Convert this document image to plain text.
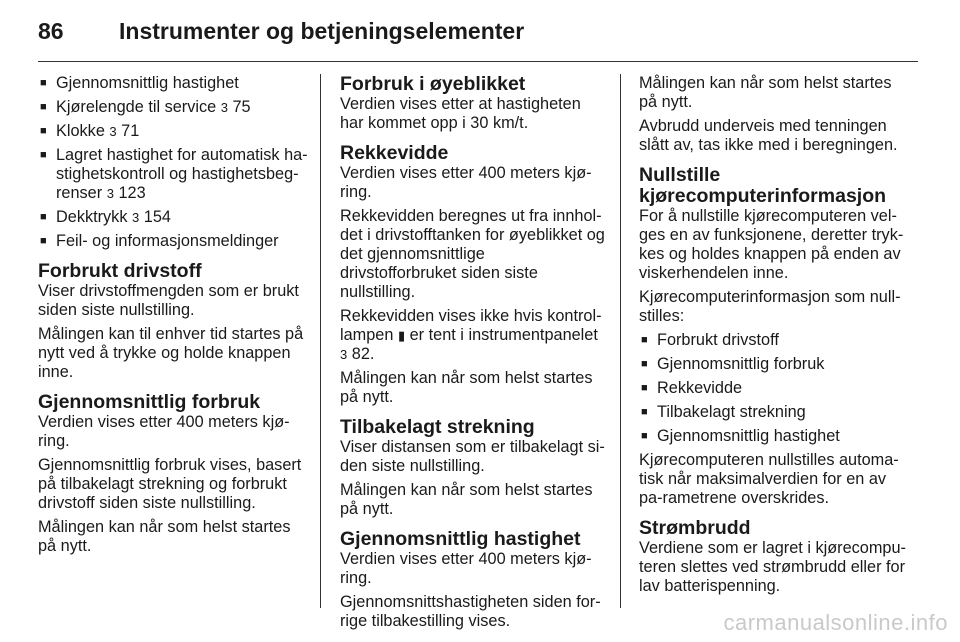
86 Instrumenter og betjeningselementer
■ Gjennomsnittlig hastighet
■ Kjørelengde til service 3 75
■ Klokke 3 71
■ Lagret hastighet for automatisk ha-stighetskontroll og hastighetsbeg-renser 3 123
■ Dekktrykk 3 154
■ Feil- og informasjonsmeldinger
Forbrukt drivstoff

Viser drivstoffmengden som er brukt siden siste nullstilling.

Målingen kan til enhver tid startes på nytt ved å trykke og holde knappen inne.

Gjennomsnittlig forbruk

Verdien vises etter 400 meters kjø-ring.

Gjennomsnittlig forbruk vises, basert på tilbakelagt strekning og forbrukt drivstoff siden siste nullstilling.

Målingen kan når som helst startes på nytt.

Forbruk i øyeblikket

Verdien vises etter at hastigheten har kommet opp i 30 km/t.

Rekkevidde

Verdien vises etter 400 meters kjø-ring.

Rekkevidden beregnes ut fra innhol-det i drivstofftanken for øyeblikket og det gjennomsnittlige drivstofforbruket siden siste nullstilling.

Rekkevidden vises ikke hvis kontrol-lampen ▮ er tent i instrumentpanelet 3 82.

Målingen kan når som helst startes på nytt.

Tilbakelagt strekning

Viser distansen som er tilbakelagt si-den siste nullstilling.

Målingen kan når som helst startes på nytt.

Gjennomsnittlig hastighet

Verdien vises etter 400 meters kjø-ring.

Gjennomsnittshastigheten siden for-rige tilbakestilling vises.

Målingen kan når som helst startes på nytt.

Avbrudd underveis med tenningen slått av, tas ikke med i beregningen.

Nullstille kjørecomputerinformasjon

For å nullstille kjørecomputeren vel-ges en av funksjonene, deretter tryk-kes og holdes knappen på enden av viskerhendelen inne.

Kjørecomputerinformasjon som null-stilles:

■ Forbrukt drivstoff
■ Gjennomsnittlig forbruk
■ Rekkevidde
■ Tilbakelagt strekning
■ Gjennomsnittlig hastighet

Kjørecomputeren nullstilles automa-tisk når maksimalverdien for en av pa-rametrene overskrides.

Strømbrudd

Verdiene som er lagret i kjørecompu-teren slettes ved strømbrudd eller for lav batterispenning.

carmanualsonline.info
